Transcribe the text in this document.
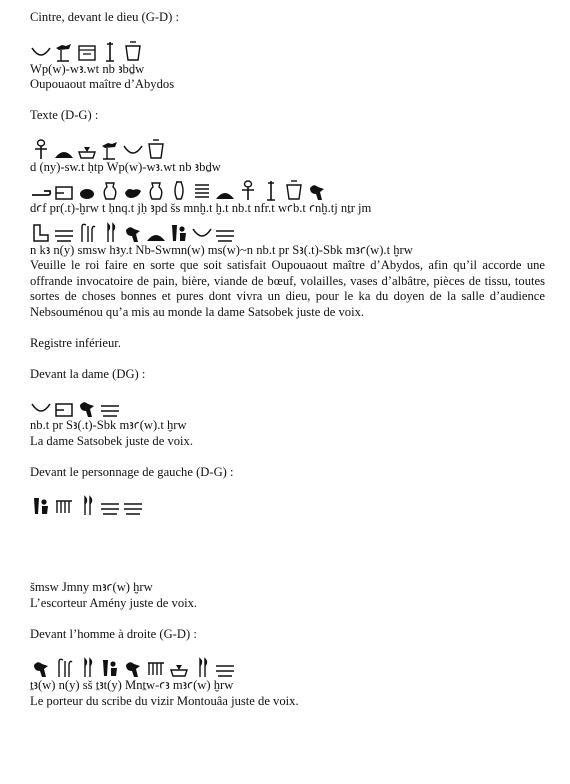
Cintre, devant le dieu (G-D) :

Wp(w)-wꜣ.wt nb ꜣbḏw

Oupouaout maître d’Abydos

Texte (D-G) :

d (ny)-sw.t ḥtp Wp(w)-wꜣ.wt nb ꜣbḏw

dꜥf pr(.t)-ḫrw t ḥnq.t jḥ ꜣpd šs mnḫ.t ḫ.t nb.t nfr.t wꜥb.t ꜥnḫ.tj nṯr jm

n kꜣ n(y) smsw hꜣy.t Nb-Swmn(w) ms(w)~n nb.t pr Sꜣ(.t)-Sbk mꜣꜥ(w).t ḫrw

Veuille le roi faire en sorte que soit satisfait Oupouaout maître d’Abydos, afin qu’il accorde une offrande invocatoire de pain, bière, viande de bœuf, volailles, vases d’albâtre, pièces de tissu, toutes sortes de choses bonnes et pures dont vivra un dieu, pour le ka du doyen de la salle d’audience Nebsouménou qu’a mis au monde la dame Satsobek juste de voix.

Registre inférieur.

Devant la dame (DG) :

nb.t pr Sꜣ(.t)-Sbk mꜣꜥ(w).t ḫrw

La dame Satsobek juste de voix.

Devant le personnage de gauche (D-G) :

šmsw Jmny mꜣꜥ(w) ḫrw

L’escorteur Amény juste de voix.

Devant l’homme à droite (G-D) :

ṯꜣ(w) n(y) sš ṯꜣt(y) Mnṯw-ꜥꜣ mꜣꜥ(w) ḫrw

Le porteur du scribe du vizir Montouâa juste de voix.
